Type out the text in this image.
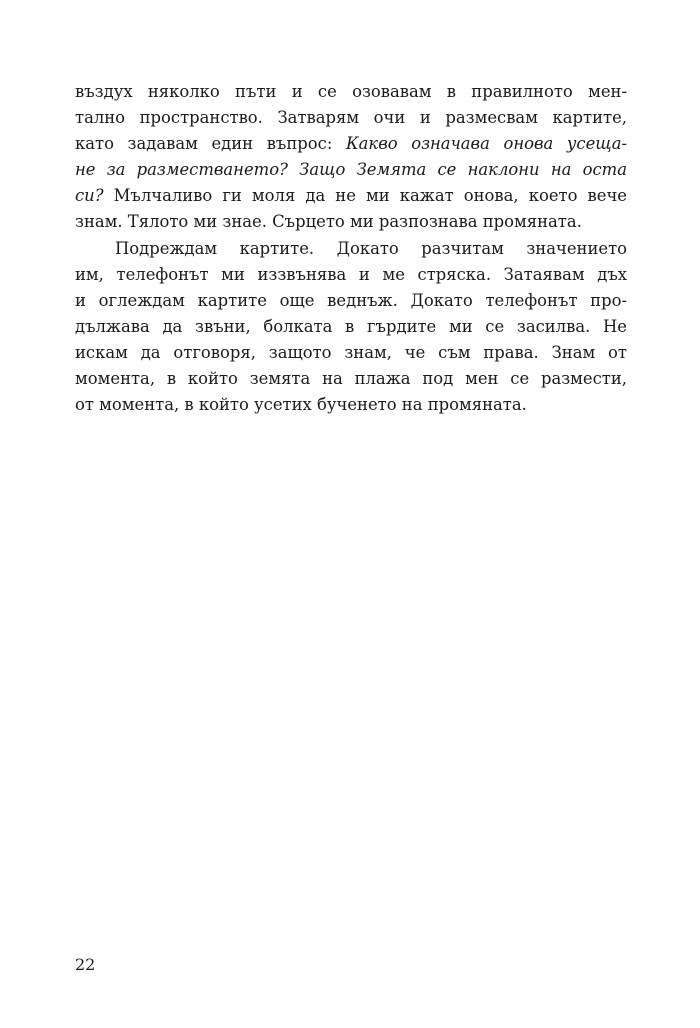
въздух няколко пъти и се озовавам в правилното мен-
тално пространство. Затварям очи и размесвам картите,
като задавам един въпрос: Какво означава онова усеща-
не за разместването? Защо Земята се наклони на оста
си? Мълчаливо ги моля да не ми кажат онова, което вече
знам. Тялото ми знае. Сърцето ми разпознава промяната.
Подреждам картите. Докато разчитам значението
им, телефонът ми иззвънява и ме стряска. Затаявам дъх
и оглеждам картите още веднъж. Докато телефонът про-
дължава да звъни, болката в гърдите ми се засилва. Не
искам да отговоря, защото знам, че съм права. Знам от
момента, в който земята на плажа под мен се размести,
от момента, в който усетих бученето на промяната.
22
